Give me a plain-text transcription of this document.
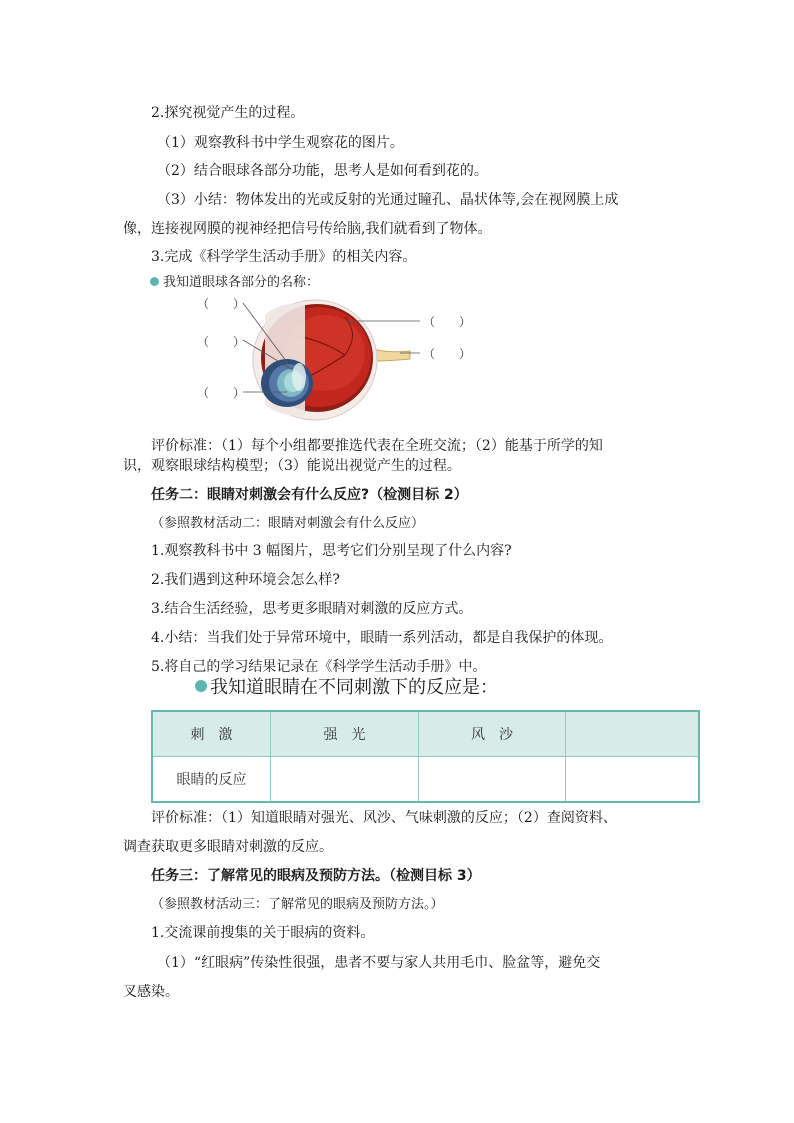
2.探究视觉产生的过程。
（1）观察教科书中学生观察花的图片。
（2）结合眼球各部分功能，思考人是如何看到花的。
（3）小结：物体发出的光或反射的光通过瞳孔、晶状体等,会在视网膜上成
像，连接视网膜的视神经把信号传给脑,我们就看到了物体。
3.完成《科学学生活动手册》的相关内容。
我知道眼球各部分的名称：
（　　）
（　　）
（　　）
（　　）
（　　）
评价标准：（1）每个小组都要推选代表在全班交流；（2）能基于所学的知
识，观察眼球结构模型；（3）能说出视觉产生的过程。
任务二：眼睛对刺激会有什么反应?（检测目标 2）
（参照教材活动二：眼睛对刺激会有什么反应）
1.观察教科书中 3 幅图片，思考它们分别呈现了什么内容?
2.我们遇到这种环境会怎么样?
3.结合生活经验，思考更多眼睛对刺激的反应方式。
4.小结：当我们处于异常环境中，眼睛一系列活动，都是自我保护的体现。
5.将自己的学习结果记录在《科学学生活动手册》中。
我知道眼睛在不同刺激下的反应是：
刺　激	强　光	风　沙	
眼睛的反应			
评价标准：（1）知道眼睛对强光、风沙、气味刺激的反应；（2）查阅资料、
调查获取更多眼睛对刺激的反应。
任务三：了解常见的眼病及预防方法。（检测目标 3）
（参照教材活动三：了解常见的眼病及预防方法。）
1.交流课前搜集的关于眼病的资料。
（1）“红眼病”传染性很强，患者不要与家人共用毛巾、脸盆等，避免交
叉感染。
